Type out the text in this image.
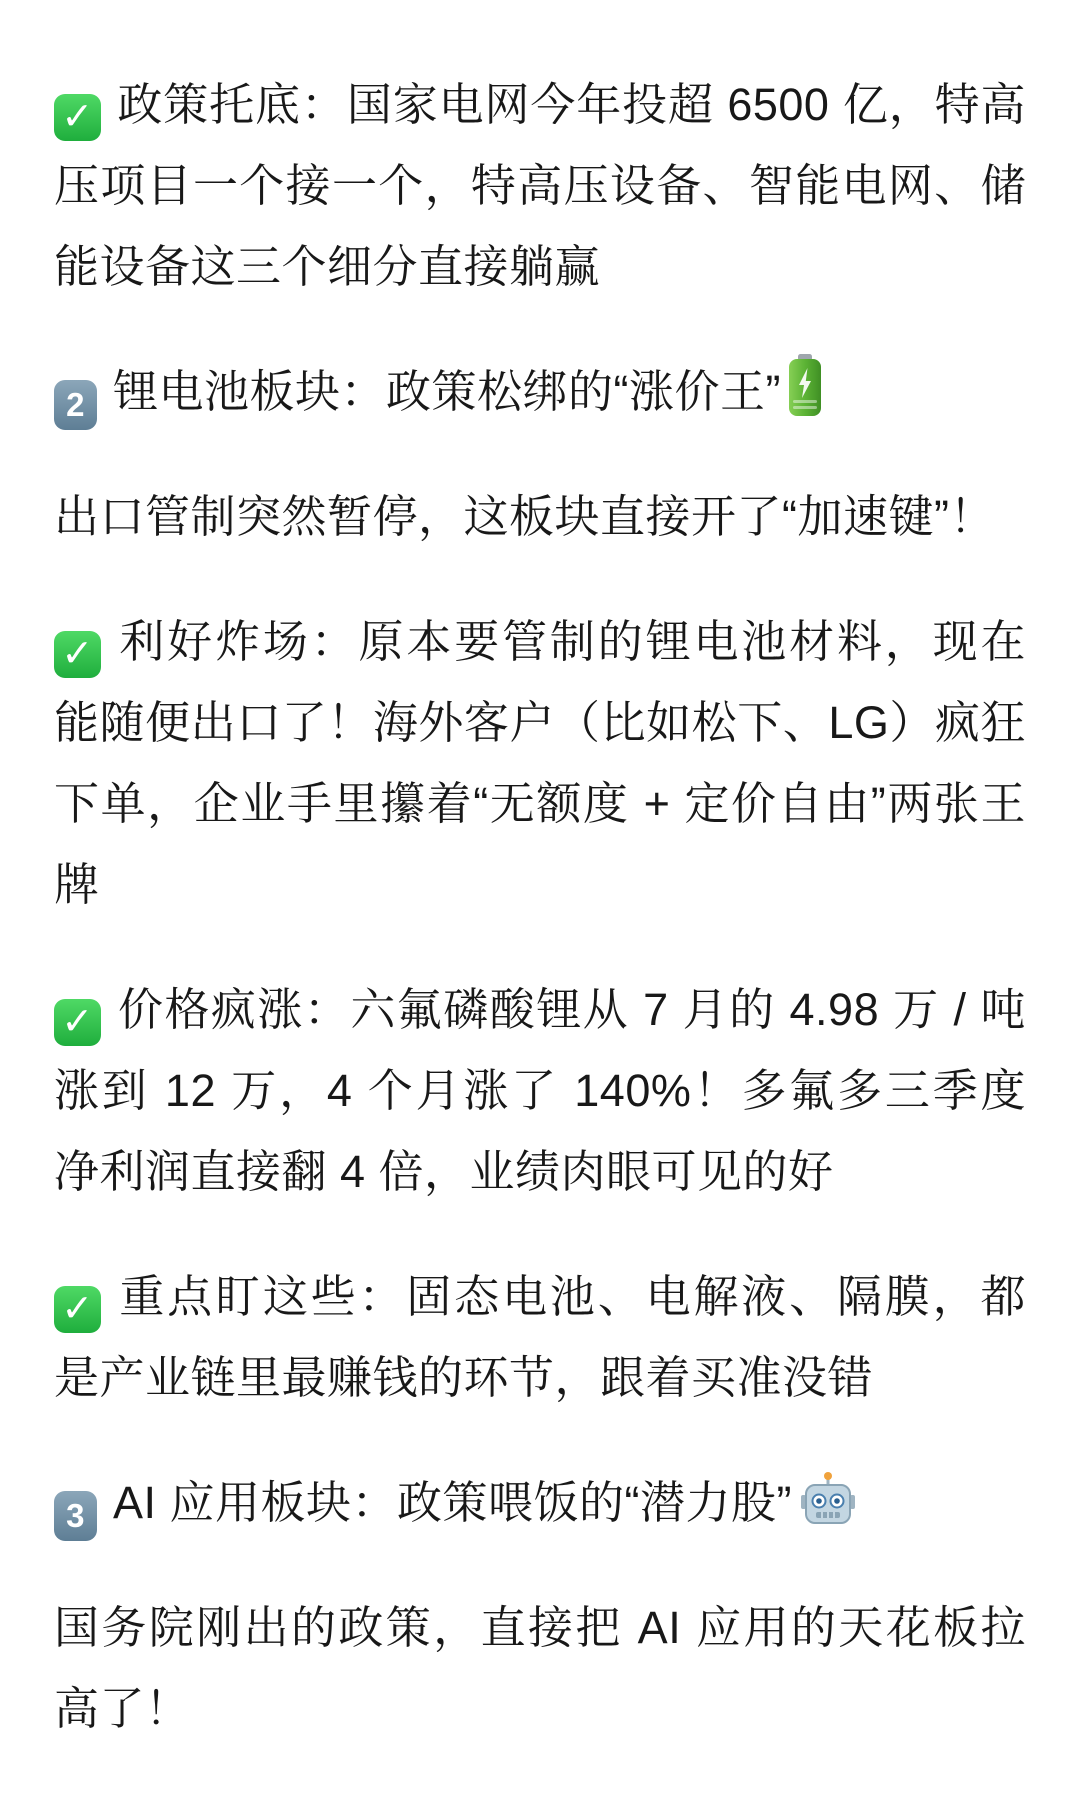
✓ 政策托底：国家电网今年投超 6500 亿，特高压项目一个接一个，特高压设备、智能电网、储能设备这三个细分直接躺赢

2 锂电池板块：政策松绑的“涨价王”

出口管制突然暂停，这板块直接开了“加速键”！

✓ 利好炸场：原本要管制的锂电池材料，现在能随便出口了！海外客户（比如松下、LG）疯狂下单，企业手里攥着“无额度 + 定价自由”两张王牌

✓ 价格疯涨：六氟磷酸锂从 7 月的 4.98 万 / 吨涨到 12 万，4 个月涨了 140%！多氟多三季度净利润直接翻 4 倍，业绩肉眼可见的好

✓ 重点盯这些：固态电池、电解液、隔膜，都是产业链里最赚钱的环节，跟着买准没错

3 AI 应用板块：政策喂饭的“潜力股”

国务院刚出的政策，直接把 AI 应用的天花板拉高了！
